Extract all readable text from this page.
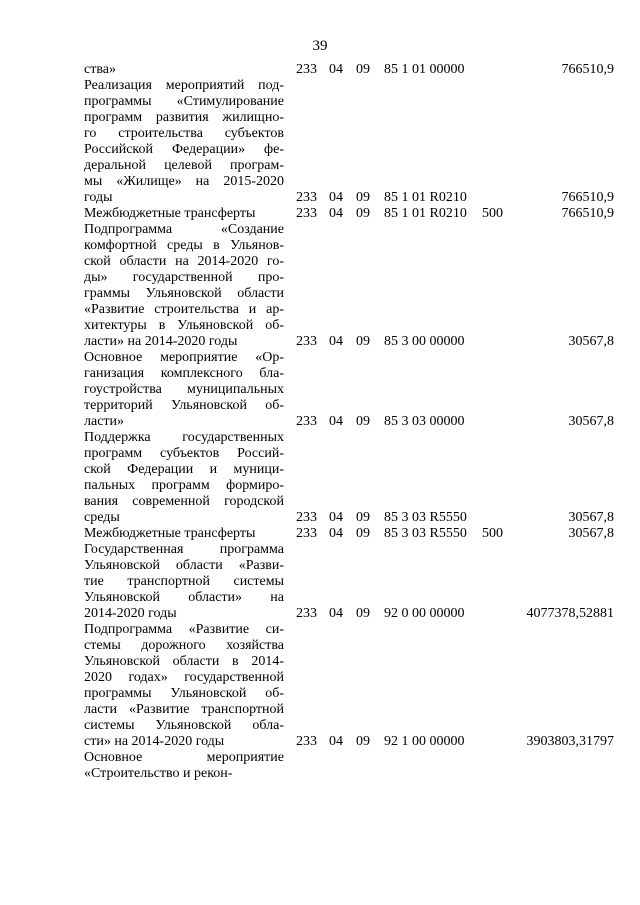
39
ства»	233 04 09 85 1 01 00000	766510,9
Реализация мероприятий под-
программы «Стимулирование
программ развития жилищно-
го строительства субъектов
Российской Федерации» фе-
деральной целевой програм-
мы «Жилище» на 2015-2020
годы	233 04 09 85 1 01 R0210	766510,9
Межбюджетные трансферты	233 04 09 85 1 01 R0210 500	766510,9
Подпрограмма «Создание
комфортной среды в Ульянов-
ской области на 2014-2020 го-
ды» государственной про-
граммы Ульяновской области
«Развитие строительства и ар-
хитектуры в Ульяновской об-
ласти» на 2014-2020 годы	233 04 09 85 3 00 00000	30567,8
Основное мероприятие «Ор-
ганизация комплексного бла-
гоустройства муниципальных
территорий Ульяновской об-
ласти»	233 04 09 85 3 03 00000	30567,8
Поддержка государственных
программ субъектов Россий-
ской Федерации и муници-
пальных программ формиро-
вания современной городской
среды	233 04 09 85 3 03 R5550	30567,8
Межбюджетные трансферты	233 04 09 85 3 03 R5550 500	30567,8
Государственная программа
Ульяновской области «Разви-
тие транспортной системы
Ульяновской области» на
2014-2020 годы	233 04 09 92 0 00 00000	4077378,52881
Подпрограмма «Развитие си-
стемы дорожного хозяйства
Ульяновской области в 2014-
2020 годах» государственной
программы Ульяновской об-
ласти «Развитие транспортной
системы Ульяновской обла-
сти» на 2014-2020 годы	233 04 09 92 1 00 00000	3903803,31797
Основное мероприятие
«Строительство и рекон-
